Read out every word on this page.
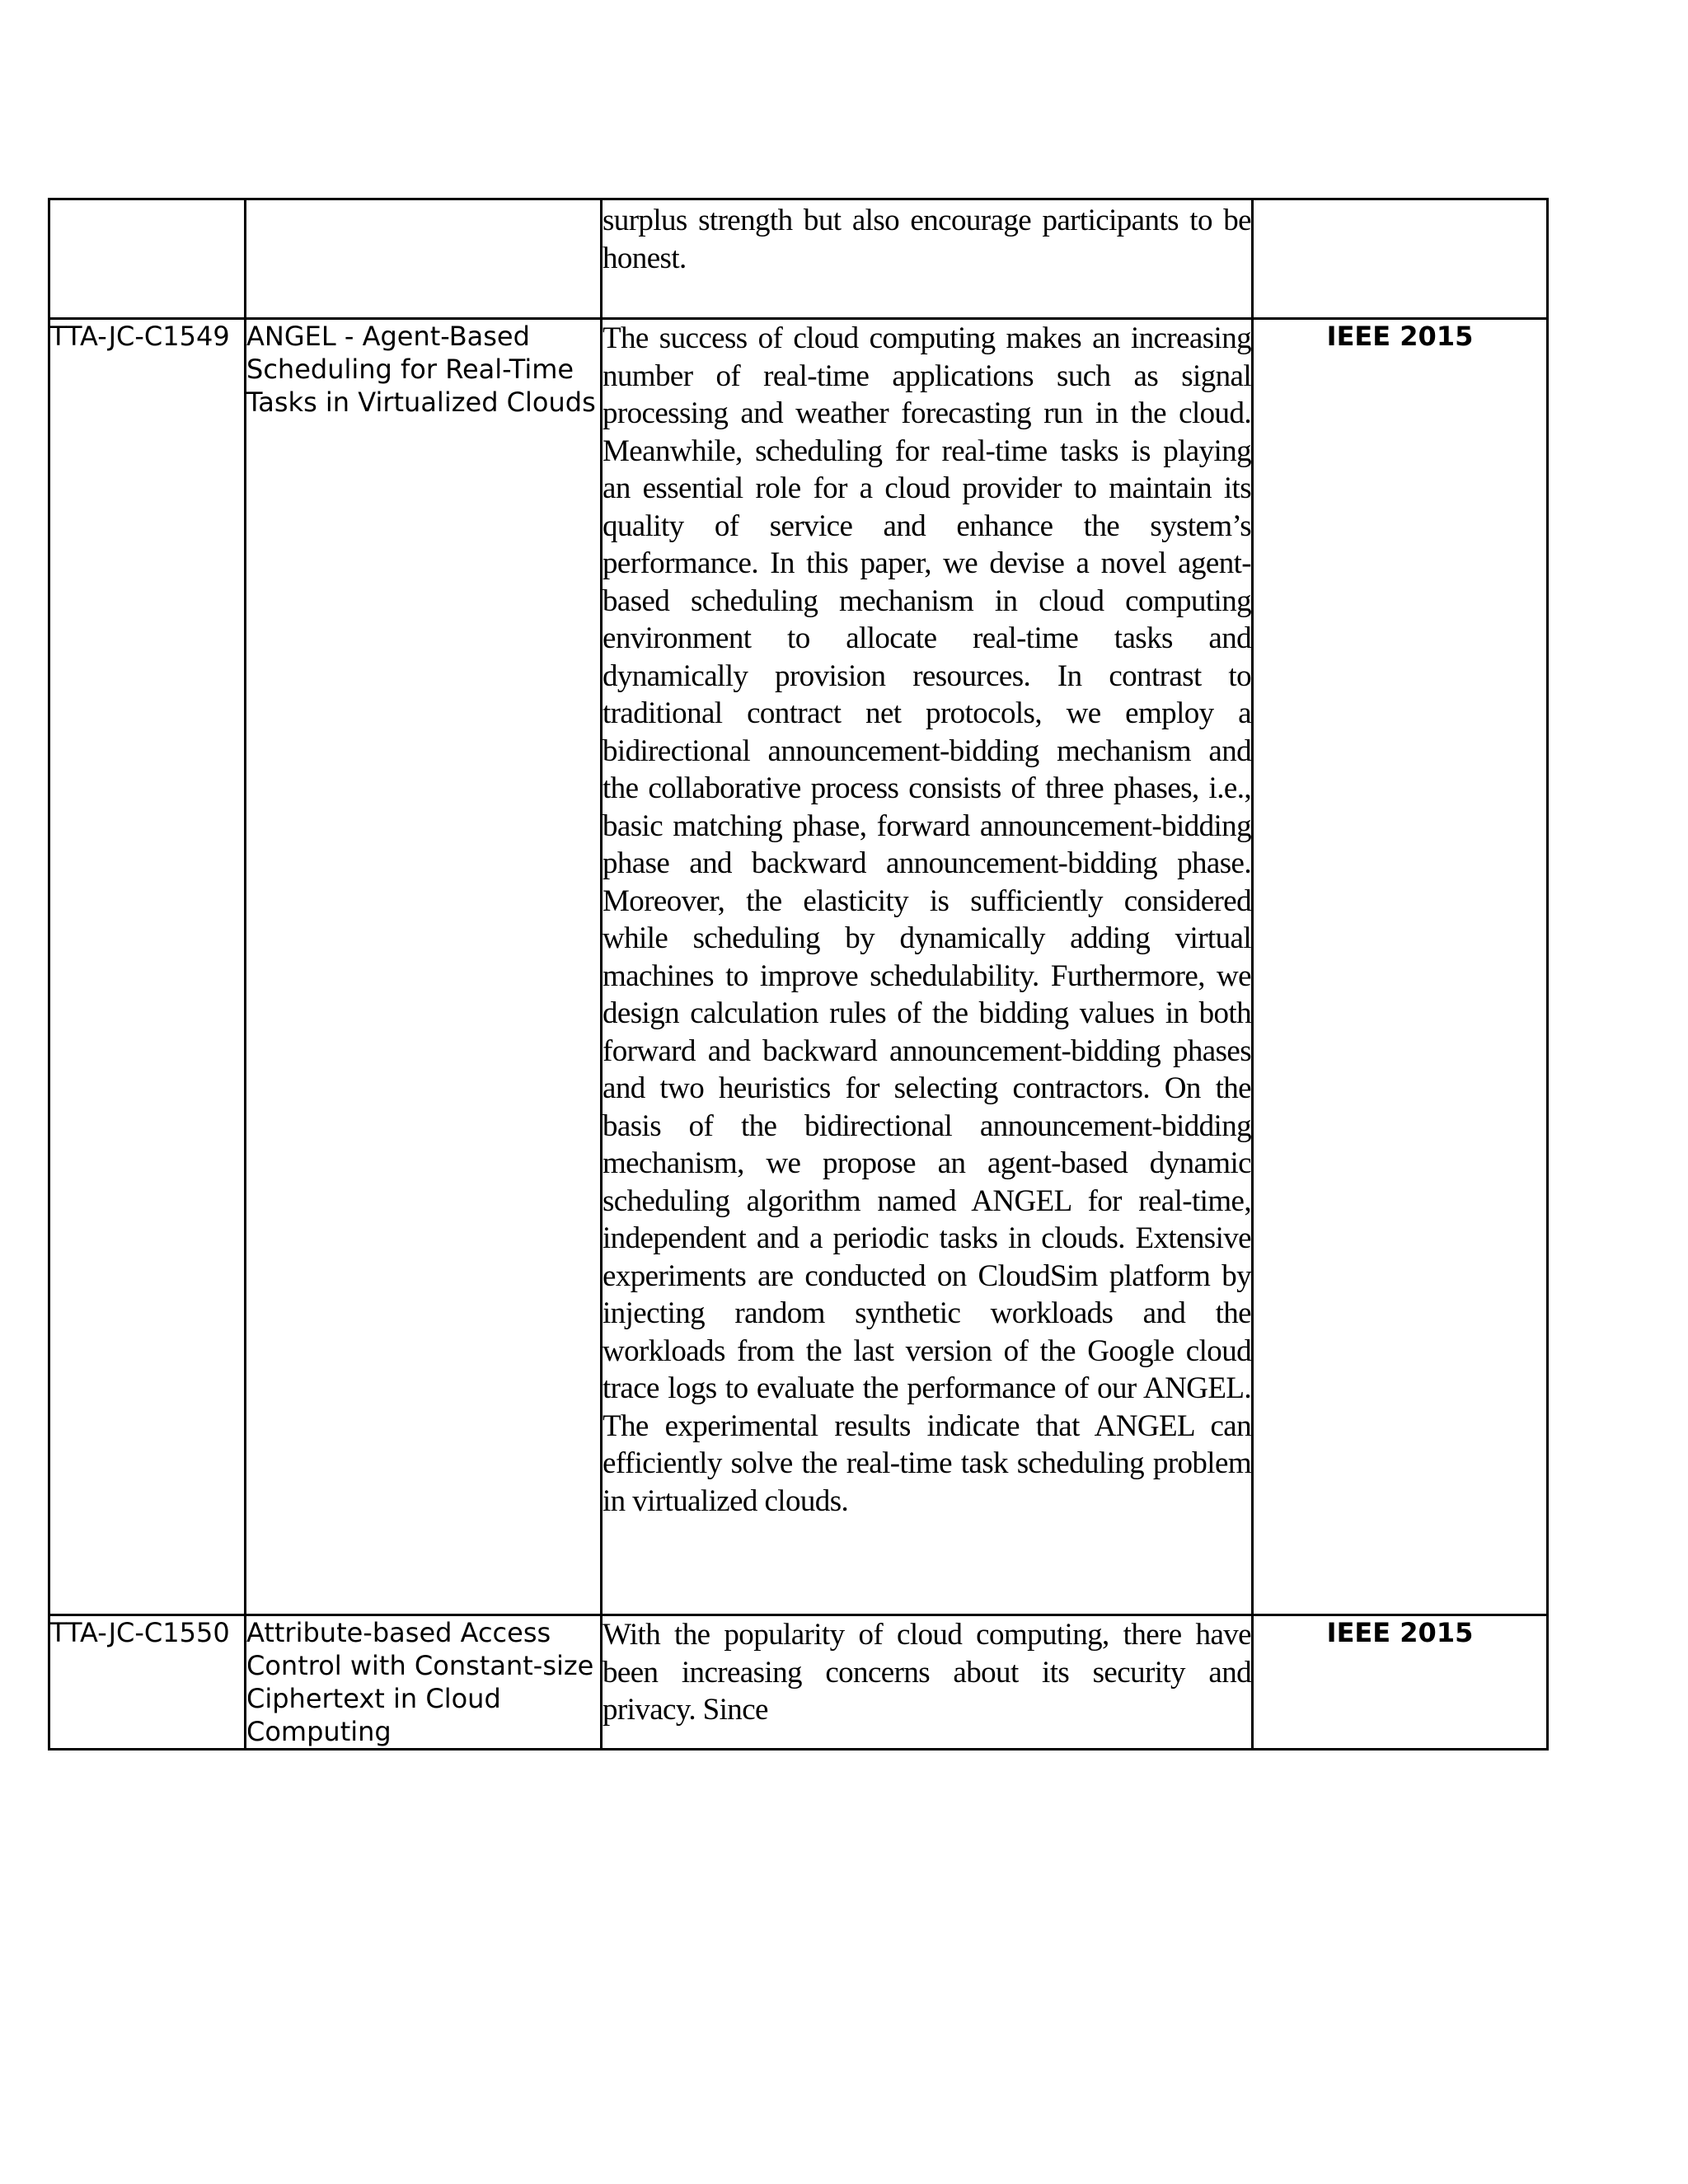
		surplus strength but also encourage participants to be honest.	
TTA-JC-C1549	ANGEL - Agent-Based Scheduling for Real-Time Tasks in Virtualized Clouds	The success of cloud computing makes an increasing number of real-time applications such as signal processing and weather forecasting run in the cloud. Meanwhile, scheduling for real-time tasks is playing an essential role for a cloud provider to maintain its quality of service and enhance the system’s performance. In this paper, we devise a novel agent-based scheduling mechanism in cloud computing environment to allocate real-time tasks and dynamically provision resources. In contrast to traditional contract net protocols, we employ a bidirectional announcement-bidding mechanism and the collaborative process consists of three phases, i.e., basic matching phase, forward announcement-bidding phase and backward announcement-bidding phase. Moreover, the elasticity is sufficiently considered while scheduling by dynamically adding virtual machines to improve schedulability. Furthermore, we design calculation rules of the bidding values in both forward and backward announcement-bidding phases and two heuristics for selecting contractors. On the basis of the bidirectional announcement-bidding mechanism, we propose an agent-based dynamic scheduling algorithm named ANGEL for real-time, independent and a periodic tasks in clouds. Extensive experiments are conducted on CloudSim platform by injecting random synthetic workloads and the workloads from the last version of the Google cloud trace logs to evaluate the performance of our ANGEL. The experimental results indicate that ANGEL can efficiently solve the real-time task scheduling problem in virtualized clouds.	IEEE 2015
TTA-JC-C1550	Attribute-based Access Control with Constant-size Ciphertext in Cloud Computing	With the popularity of cloud computing, there have been increasing concerns about its security and privacy. Since	IEEE 2015
